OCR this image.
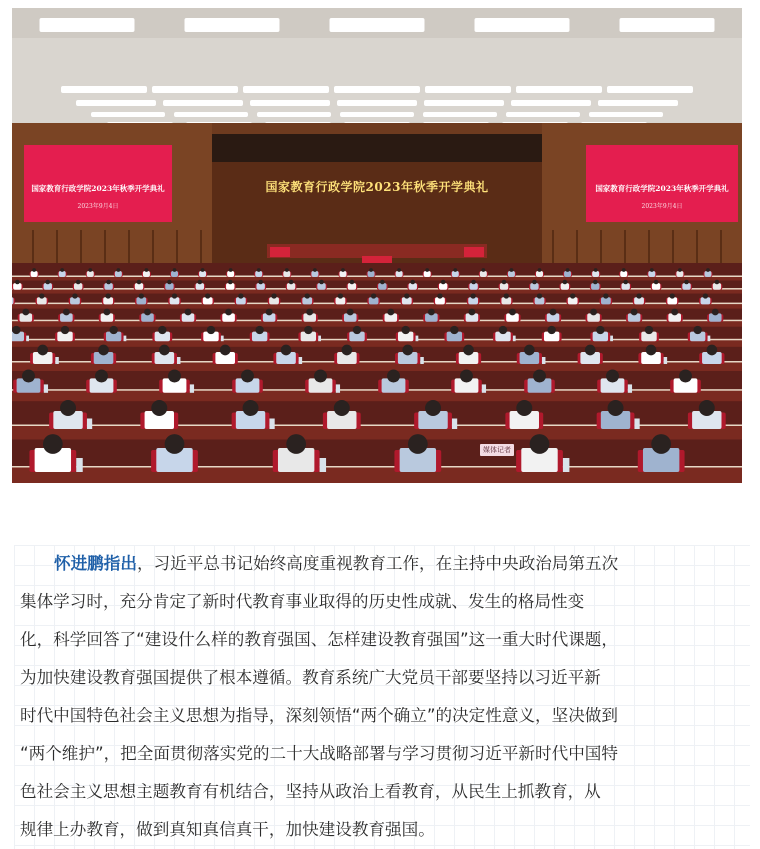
国家教育行政学院2023年秋季开学典礼
国家教育行政学院2023年秋季开学典礼
2023年9月4日
国家教育行政学院2023年秋季开学典礼
2023年9月4日
媒体记者

怀进鹏指出，习近平总书记始终高度重视教育工作，在主持中央政治局第五次
集体学习时，充分肯定了新时代教育事业取得的历史性成就、发生的格局性变
化，科学回答了“建设什么样的教育强国、怎样建设教育强国”这一重大时代课题，
为加快建设教育强国提供了根本遵循。教育系统广大党员干部要坚持以习近平新
时代中国特色社会主义思想为指导，深刻领悟“两个确立”的决定性意义，坚决做到
“两个维护”，把全面贯彻落实党的二十大战略部署与学习贯彻习近平新时代中国特
色社会主义思想主题教育有机结合，坚持从政治上看教育，从民生上抓教育，从
规律上办教育，做到真知真信真干，加快建设教育强国。
